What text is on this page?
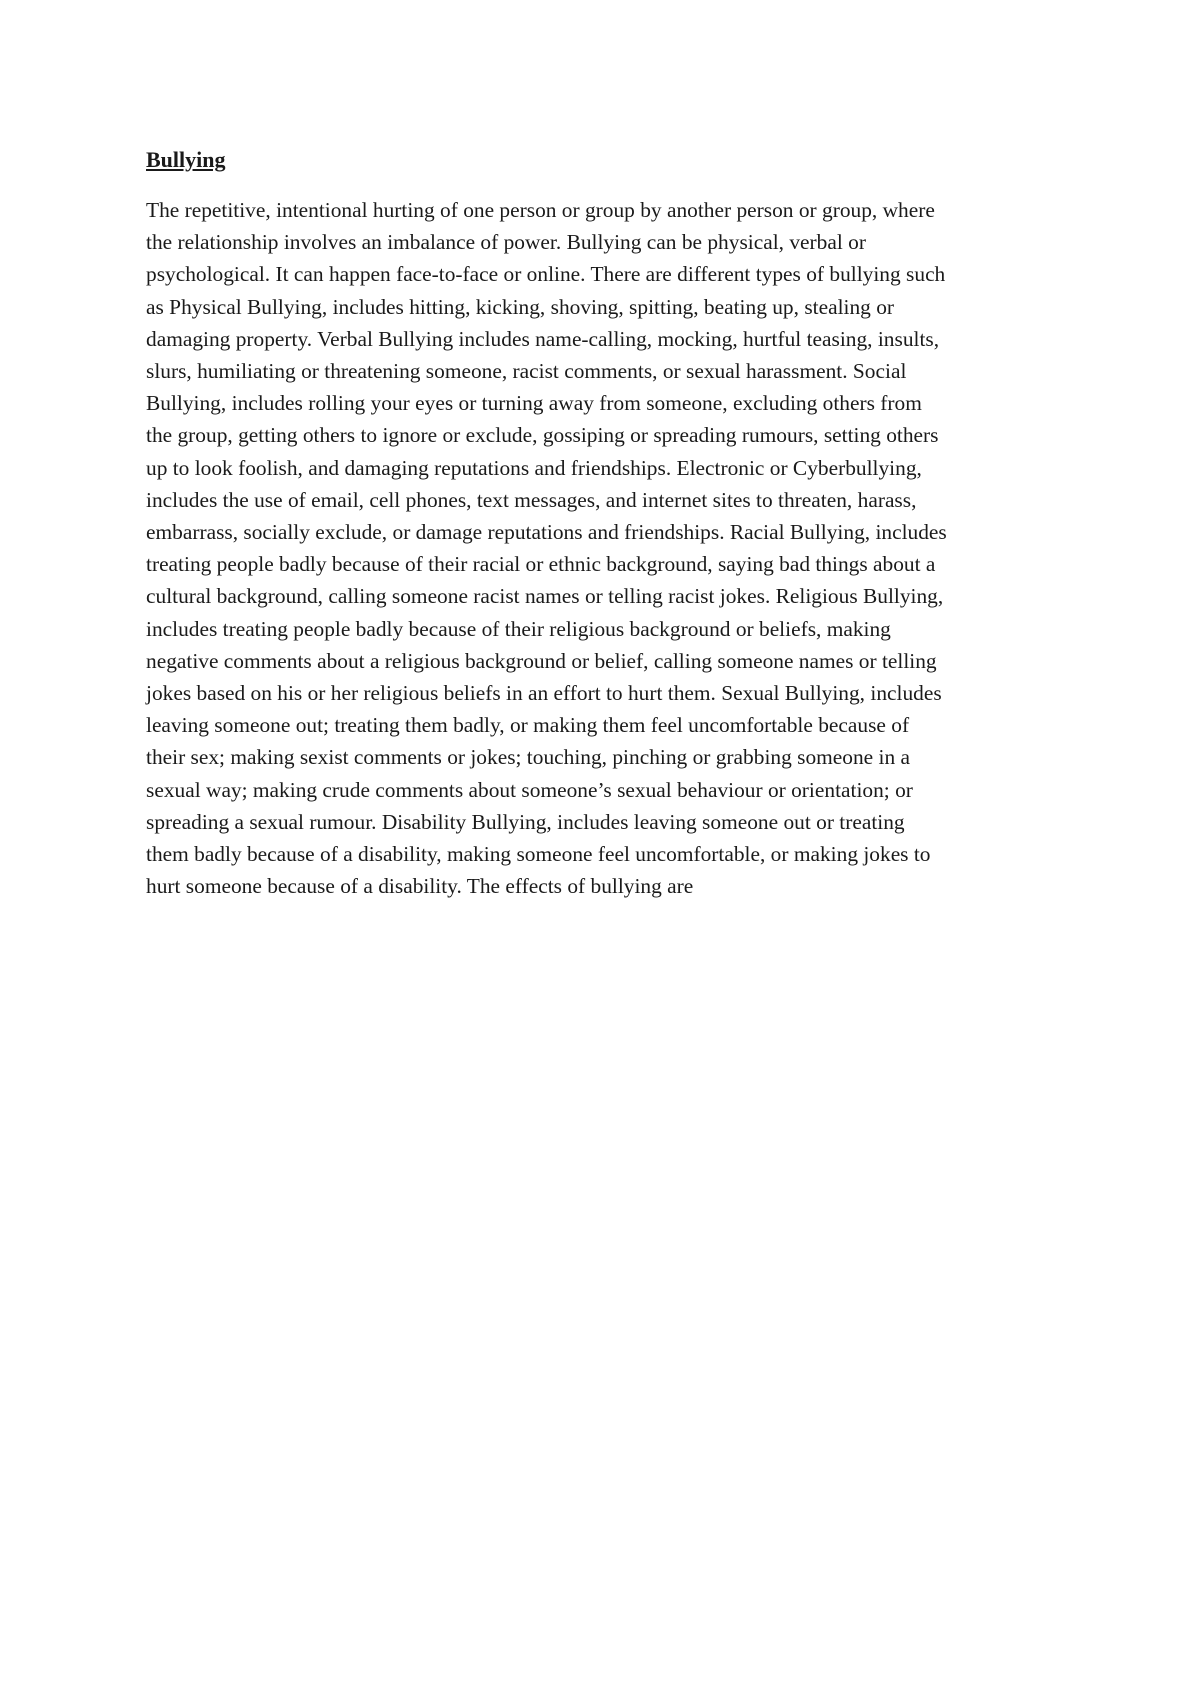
Bullying

The repetitive, intentional hurting of one person or group by another person or group, where
the relationship involves an imbalance of power. Bullying can be physical, verbal or
psychological. It can happen face-to-face or online. There are different types of bullying such
as Physical Bullying, includes hitting, kicking, shoving, spitting, beating up, stealing or
damaging property. Verbal Bullying includes name-calling, mocking, hurtful teasing, insults,
slurs, humiliating or threatening someone, racist comments, or sexual harassment. Social
Bullying, includes rolling your eyes or turning away from someone, excluding others from
the group, getting others to ignore or exclude, gossiping or spreading rumours, setting others
up to look foolish, and damaging reputations and friendships. Electronic or Cyberbullying,
includes the use of email, cell phones, text messages, and internet sites to threaten, harass,
embarrass, socially exclude, or damage reputations and friendships. Racial Bullying, includes
treating people badly because of their racial or ethnic background, saying bad things about a
cultural background, calling someone racist names or telling racist jokes. Religious Bullying,
includes treating people badly because of their religious background or beliefs, making
negative comments about a religious background or belief, calling someone names or telling
jokes based on his or her religious beliefs in an effort to hurt them. Sexual Bullying, includes
leaving someone out; treating them badly, or making them feel uncomfortable because of
their sex; making sexist comments or jokes; touching, pinching or grabbing someone in a
sexual way; making crude comments about someone’s sexual behaviour or orientation; or
spreading a sexual rumour. Disability Bullying, includes leaving someone out or treating
them badly because of a disability, making someone feel uncomfortable, or making jokes to
hurt someone because of a disability. The effects of bullying are
